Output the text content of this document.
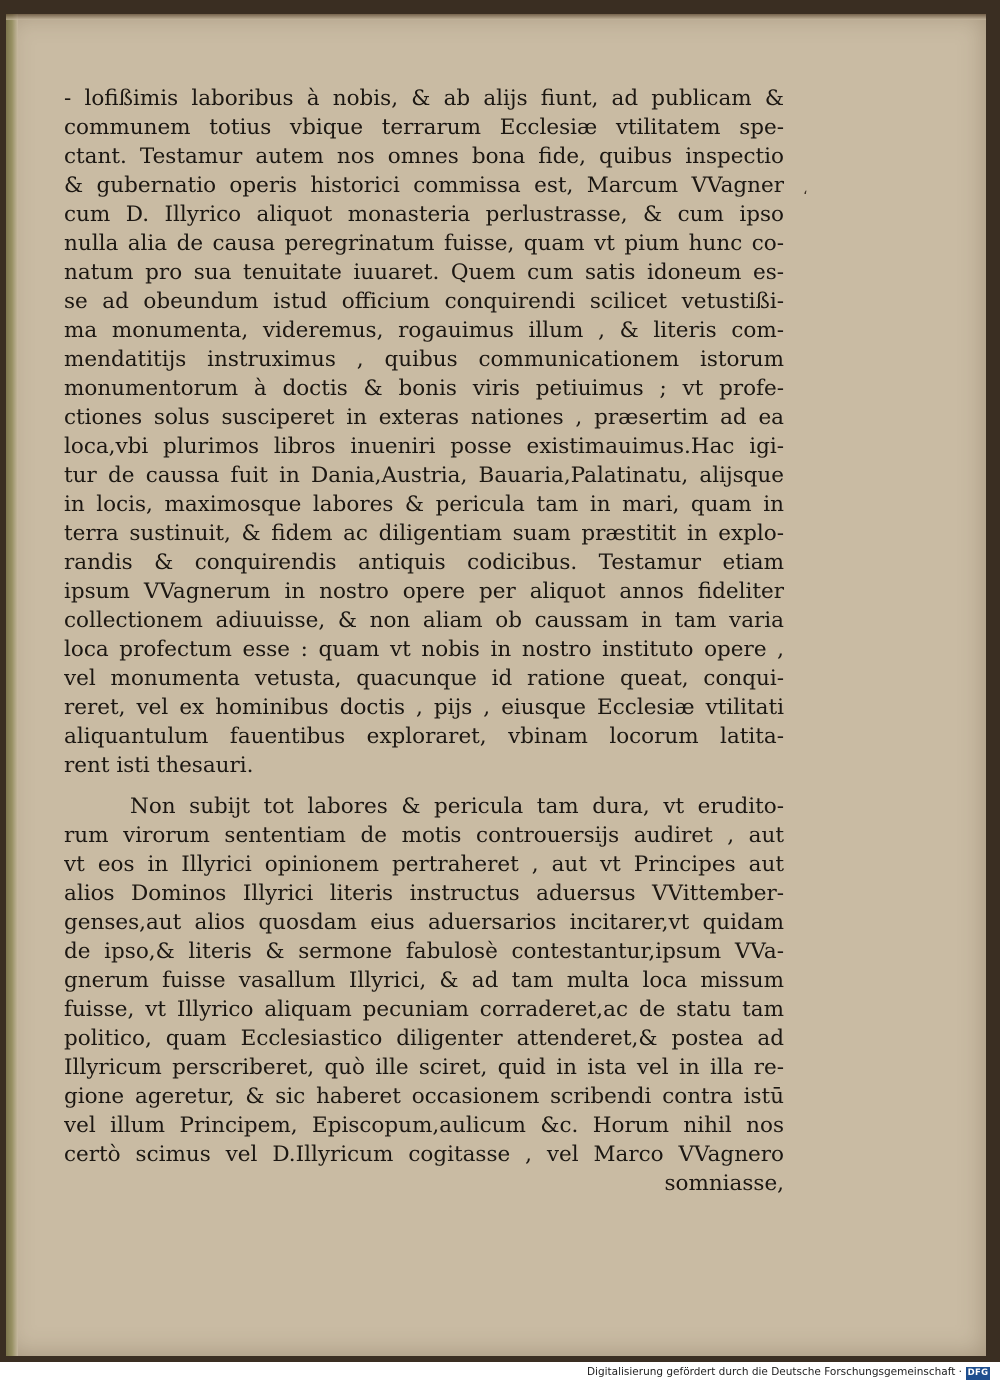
- lofißimis laboribus à nobis, & ab alijs fiunt, ad publicam &
communem totius vbique terrarum Ecclesiæ vtilitatem spe-
ctant. Testamur autem nos omnes bona fide, quibus inspectio
& gubernatio operis historici commissa est, Marcum VVagner
cum D. Illyrico aliquot monasteria perlustrasse, & cum ipso
nulla alia de causa peregrinatum fuisse, quam vt pium hunc co-
natum pro sua tenuitate iuuaret. Quem cum satis idoneum es-
se ad obeundum istud officium conquirendi scilicet vetustißi-
ma monumenta, videremus, rogauimus illum , & literis com-
mendatitijs instruximus , quibus communicationem istorum
monumentorum à doctis & bonis viris petiuimus ; vt profe-
ctiones solus susciperet in exteras nationes , præsertim ad ea
loca,vbi plurimos libros inueniri posse existimauimus.Hac igi-
tur de caussa fuit in Dania,Austria, Bauaria,Palatinatu, alijsque
in locis, maximosque labores & pericula tam in mari, quam in
terra sustinuit, & fidem ac diligentiam suam præstitit in explo-
randis & conquirendis antiquis codicibus. Testamur etiam
ipsum VVagnerum in nostro opere per aliquot annos fideliter
collectionem adiuuisse, & non aliam ob caussam in tam varia
loca profectum esse : quam vt nobis in nostro instituto opere ,
vel monumenta vetusta, quacunque id ratione queat, conqui-
reret, vel ex hominibus doctis , pijs , eiusque Ecclesiæ vtilitati
aliquantulum fauentibus exploraret, vbinam locorum latita-
rent isti thesauri.
Non subijt tot labores & pericula tam dura, vt erudito-
rum virorum sententiam de motis controuersijs audiret , aut
vt eos in Illyrici opinionem pertraheret , aut vt Principes aut
alios Dominos Illyrici literis instructus aduersus VVittember-
genses,aut alios quosdam eius aduersarios incitarer,vt quidam
de ipso,& literis & sermone fabulosè contestantur,ipsum VVa-
gnerum fuisse vasallum Illyrici, & ad tam multa loca missum
fuisse, vt Illyrico aliquam pecuniam corraderet,ac de statu tam
politico, quam Ecclesiastico diligenter attenderet,& postea ad
Illyricum perscriberet, quò ille sciret, quid in ista vel in illa re-
gione ageretur, & sic haberet occasionem scribendi contra istū
vel illum Principem, Episcopum,aulicum &c. Horum nihil nos
certò scimus vel D.Illyricum cogitasse , vel Marco VVagnero
somniasse,
،
Digitalisierung gefördert durch die Deutsche Forschungsgemeinschaft · DFG
